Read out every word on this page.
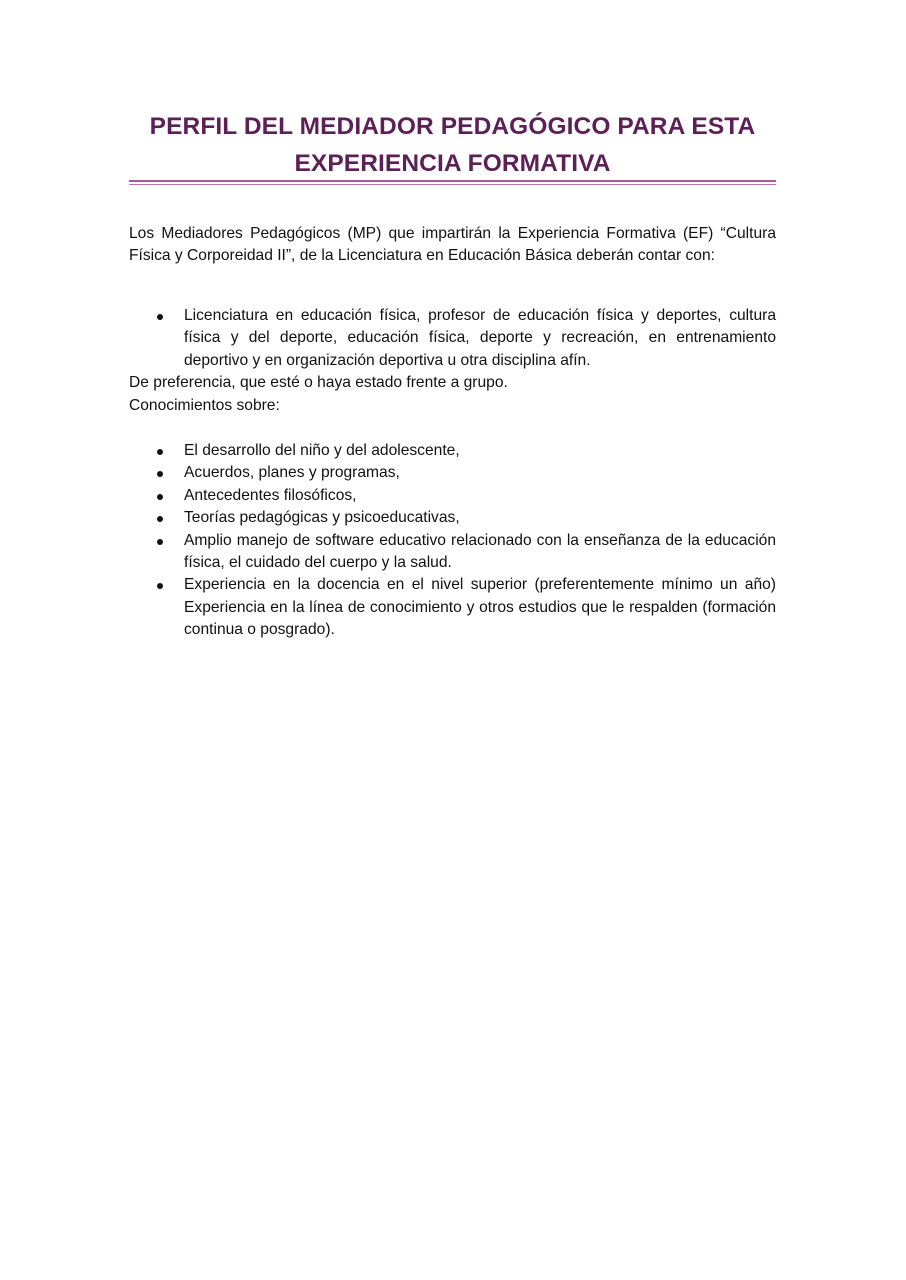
PERFIL DEL MEDIADOR PEDAGÓGICO PARA ESTA
EXPERIENCIA FORMATIVA

Los Mediadores Pedagógicos (MP) que impartirán la Experiencia Formativa (EF) “Cultura Física y Corporeidad II”, de la Licenciatura en Educación Básica deberán contar con:

Licenciatura en educación física, profesor de educación física y deportes, cultura física y del deporte, educación física, deporte y recreación, en entrenamiento deportivo y en organización deportiva u otra disciplina afín.

De preferencia, que esté o haya estado frente a grupo.

Conocimientos sobre:

El desarrollo del niño y del adolescente,
Acuerdos, planes y programas,
Antecedentes filosóficos,
Teorías pedagógicas y psicoeducativas,
Amplio manejo de software educativo relacionado con la enseñanza de la educación física, el cuidado del cuerpo y la salud.
Experiencia en la docencia en el nivel superior (preferentemente mínimo un año) Experiencia en la línea de conocimiento y otros estudios que le respalden (formación continua o posgrado).
